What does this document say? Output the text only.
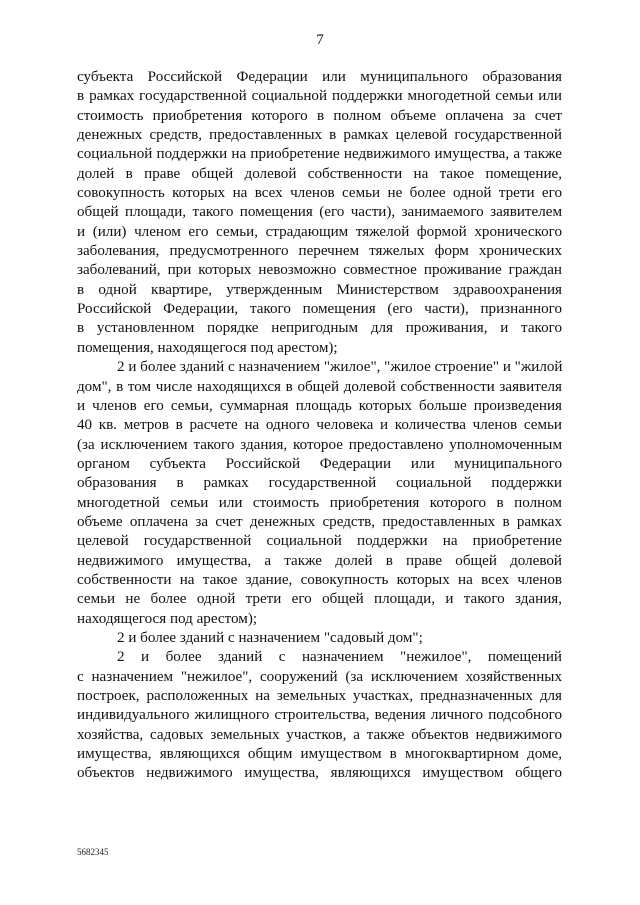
7
субъекта Российской Федерации или муниципального образования
в рамках государственной социальной поддержки многодетной семьи или
стоимость приобретения которого в полном объеме оплачена за счет
денежных средств, предоставленных в рамках целевой государственной
социальной поддержки на приобретение недвижимого имущества, а также
долей в праве общей долевой собственности на такое помещение,
совокупность которых на всех членов семьи не более одной трети его
общей площади, такого помещения (его части), занимаемого заявителем
и (или) членом его семьи, страдающим тяжелой формой хронического
заболевания, предусмотренного перечнем тяжелых форм хронических
заболеваний, при которых невозможно совместное проживание граждан
в одной квартире, утвержденным Министерством здравоохранения
Российской Федерации, такого помещения (его части), признанного
в установленном порядке непригодным для проживания, и такого
помещения, находящегося под арестом);
2 и более зданий с назначением "жилое", "жилое строение" и "жилой
дом", в том числе находящихся в общей долевой собственности заявителя
и членов его семьи, суммарная площадь которых больше произведения
40 кв. метров в расчете на одного человека и количества членов семьи
(за исключением такого здания, которое предоставлено уполномоченным
органом субъекта Российской Федерации или муниципального
образования в рамках государственной социальной поддержки
многодетной семьи или стоимость приобретения которого в полном
объеме оплачена за счет денежных средств, предоставленных в рамках
целевой государственной социальной поддержки на приобретение
недвижимого имущества, а также долей в праве общей долевой
собственности на такое здание, совокупность которых на всех членов
семьи не более одной трети его общей площади, и такого здания,
находящегося под арестом);
2 и более зданий с назначением "садовый дом";
2 и более зданий с назначением "нежилое", помещений
с назначением "нежилое", сооружений (за исключением хозяйственных
построек, расположенных на земельных участках, предназначенных для
индивидуального жилищного строительства, ведения личного подсобного
хозяйства, садовых земельных участков, а также объектов недвижимого
имущества, являющихся общим имуществом в многоквартирном доме,
объектов недвижимого имущества, являющихся имуществом общего
5682345
